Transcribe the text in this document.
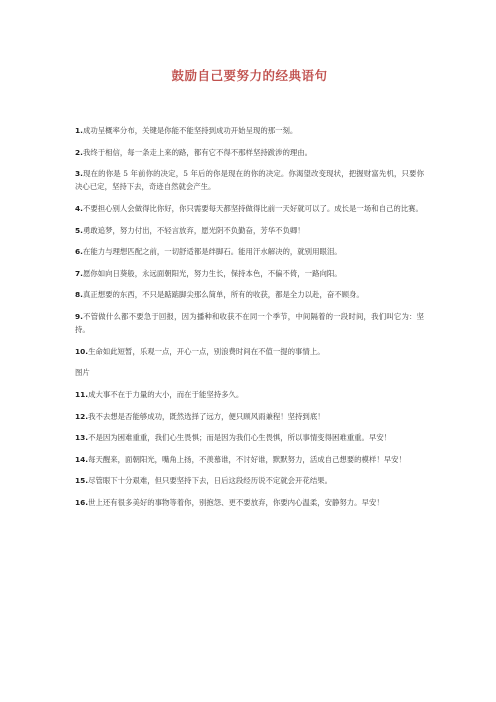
鼓励自己要努力的经典语句

1.成功呈概率分布，关键是你能不能坚持到成功开始呈现的那一刻。

2.我终于相信，每一条走上来的路，都有它不得不那样坚持跋涉的理由。

3.现在的你是 5 年前你的决定，5 年后的你是现在的你的决定。你渴望改变现状，把握财富先机，只要你决心已定，坚持下去，奇迹自然就会产生。

4.不要担心别人会做得比你好，你只需要每天都坚持做得比前一天好就可以了。成长是一场和自己的比赛。

5.勇敢追梦，努力付出，不轻言放弃，愿光阴不负勤奋，芳华不负卿！

6.在能力与理想匹配之前，一切舒适都是绊脚石。能用汗水解决的，就别用眼泪。

7.愿你如向日葵般，永远面朝阳光，努力生长，保持本色，不偏不倚，一路向阳。

8.真正想要的东西，不只是踮踮脚尖那么简单，所有的收获，都是全力以赴，奋不顾身。

9.不管做什么都不要急于回报，因为播种和收获不在同一个季节，中间隔着的一段时间，我们叫它为：坚持。

10.生命如此短暂，乐观一点，开心一点，别浪费时间在不值一提的事情上。

图片

11.成大事不在于力量的大小，而在于能坚持多久。

12.我不去想是否能够成功，既然选择了远方，便只顾风雨兼程！坚持到底！

13.不是因为困难重重，我们心生畏惧；而是因为我们心生畏惧，所以事情变得困难重重。早安！

14.每天醒来，面朝阳光，嘴角上扬，不羡慕谁，不讨好谁，默默努力，活成自己想要的模样！早安！

15.尽管眼下十分艰难，但只要坚持下去，日后这段经历说不定就会开花结果。

16.世上还有很多美好的事物等着你，别抱怨、更不要放弃，你要内心温柔，安静努力。早安！
